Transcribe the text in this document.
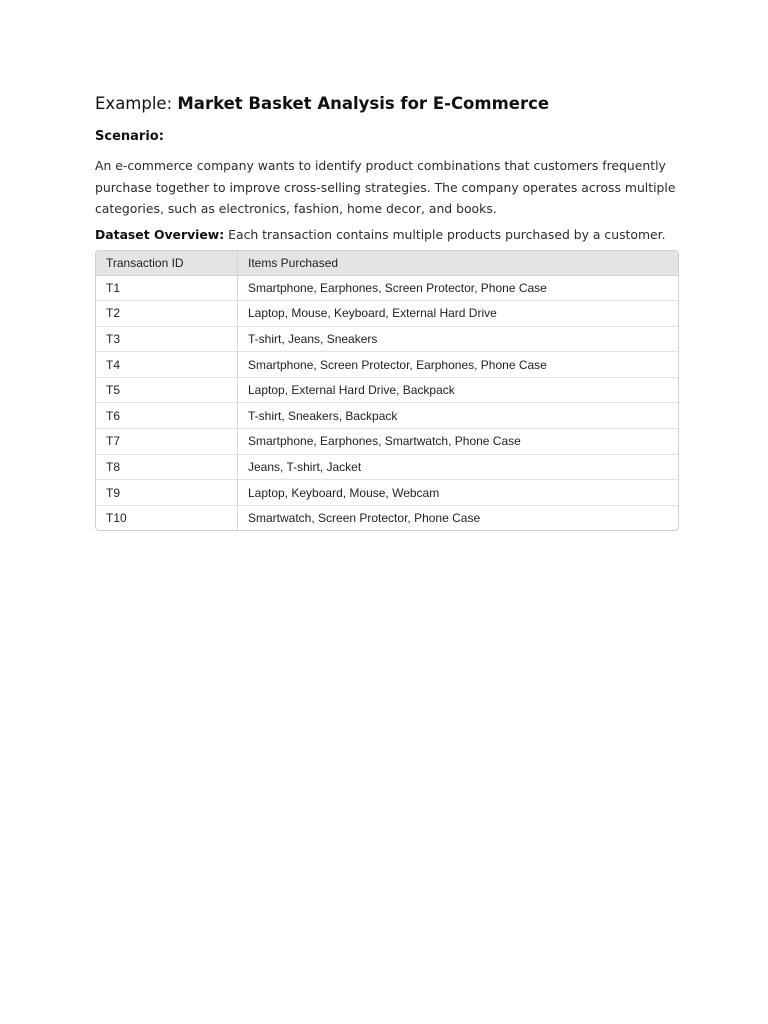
Example: Market Basket Analysis for E-Commerce
Scenario:

An e-commerce company wants to identify product combinations that customers frequently purchase together to improve cross-selling strategies. The company operates across multiple categories, such as electronics, fashion, home decor, and books.

Dataset Overview: Each transaction contains multiple products purchased by a customer.

Transaction ID	Items Purchased
T1	Smartphone, Earphones, Screen Protector, Phone Case
T2	Laptop, Mouse, Keyboard, External Hard Drive
T3	T-shirt, Jeans, Sneakers
T4	Smartphone, Screen Protector, Earphones, Phone Case
T5	Laptop, External Hard Drive, Backpack
T6	T-shirt, Sneakers, Backpack
T7	Smartphone, Earphones, Smartwatch, Phone Case
T8	Jeans, T-shirt, Jacket
T9	Laptop, Keyboard, Mouse, Webcam
T10	Smartwatch, Screen Protector, Phone Case
